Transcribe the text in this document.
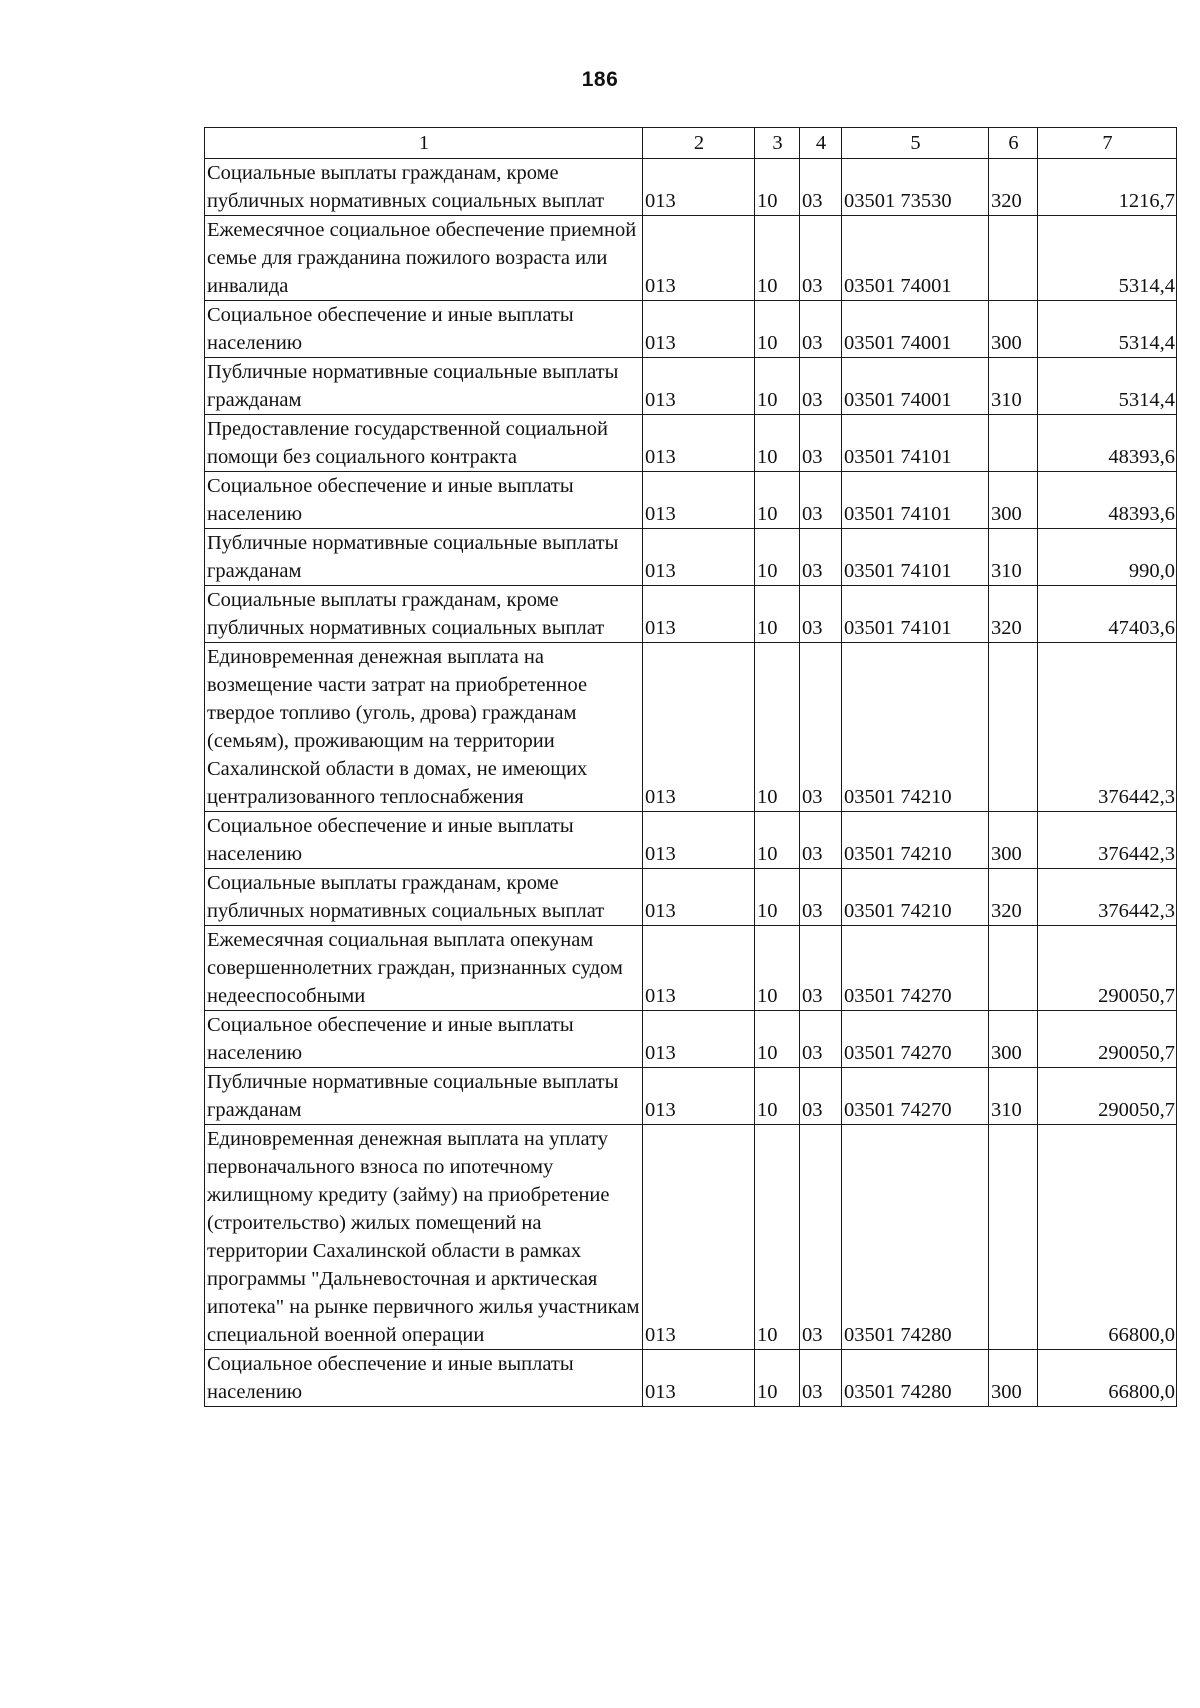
186
1	2	3	4	5	6	7
Социальные выплаты гражданам, кроме публичных нормативных социальных выплат	013	10	03	03501 73530	320	1216,7
Ежемесячное социальное обеспечение приемной семье для гражданина пожилого возраста или инвалида	013	10	03	03501 74001		5314,4
Социальное обеспечение и иные выплаты населению	013	10	03	03501 74001	300	5314,4
Публичные нормативные социальные выплаты гражданам	013	10	03	03501 74001	310	5314,4
Предоставление государственной социальной помощи без социального контракта	013	10	03	03501 74101		48393,6
Социальное обеспечение и иные выплаты населению	013	10	03	03501 74101	300	48393,6
Публичные нормативные социальные выплаты гражданам	013	10	03	03501 74101	310	990,0
Социальные выплаты гражданам, кроме публичных нормативных социальных выплат	013	10	03	03501 74101	320	47403,6
Единовременная денежная выплата на возмещение части затрат на приобретенное твердое топливо (уголь, дрова) гражданам (семьям), проживающим на территории Сахалинской области в домах, не имеющих централизованного теплоснабжения	013	10	03	03501 74210		376442,3
Социальное обеспечение и иные выплаты населению	013	10	03	03501 74210	300	376442,3
Социальные выплаты гражданам, кроме публичных нормативных социальных выплат	013	10	03	03501 74210	320	376442,3
Ежемесячная социальная выплата опекунам совершеннолетних граждан, признанных судом недееспособными	013	10	03	03501 74270		290050,7
Социальное обеспечение и иные выплаты населению	013	10	03	03501 74270	300	290050,7
Публичные нормативные социальные выплаты гражданам	013	10	03	03501 74270	310	290050,7
Единовременная денежная выплата на уплату первоначального взноса по ипотечному жилищному кредиту (займу) на приобретение (строительство) жилых помещений на территории Сахалинской области в рамках программы "Дальневосточная и арктическая ипотека" на рынке первичного жилья участникам специальной военной операции	013	10	03	03501 74280		66800,0
Социальное обеспечение и иные выплаты населению	013	10	03	03501 74280	300	66800,0
